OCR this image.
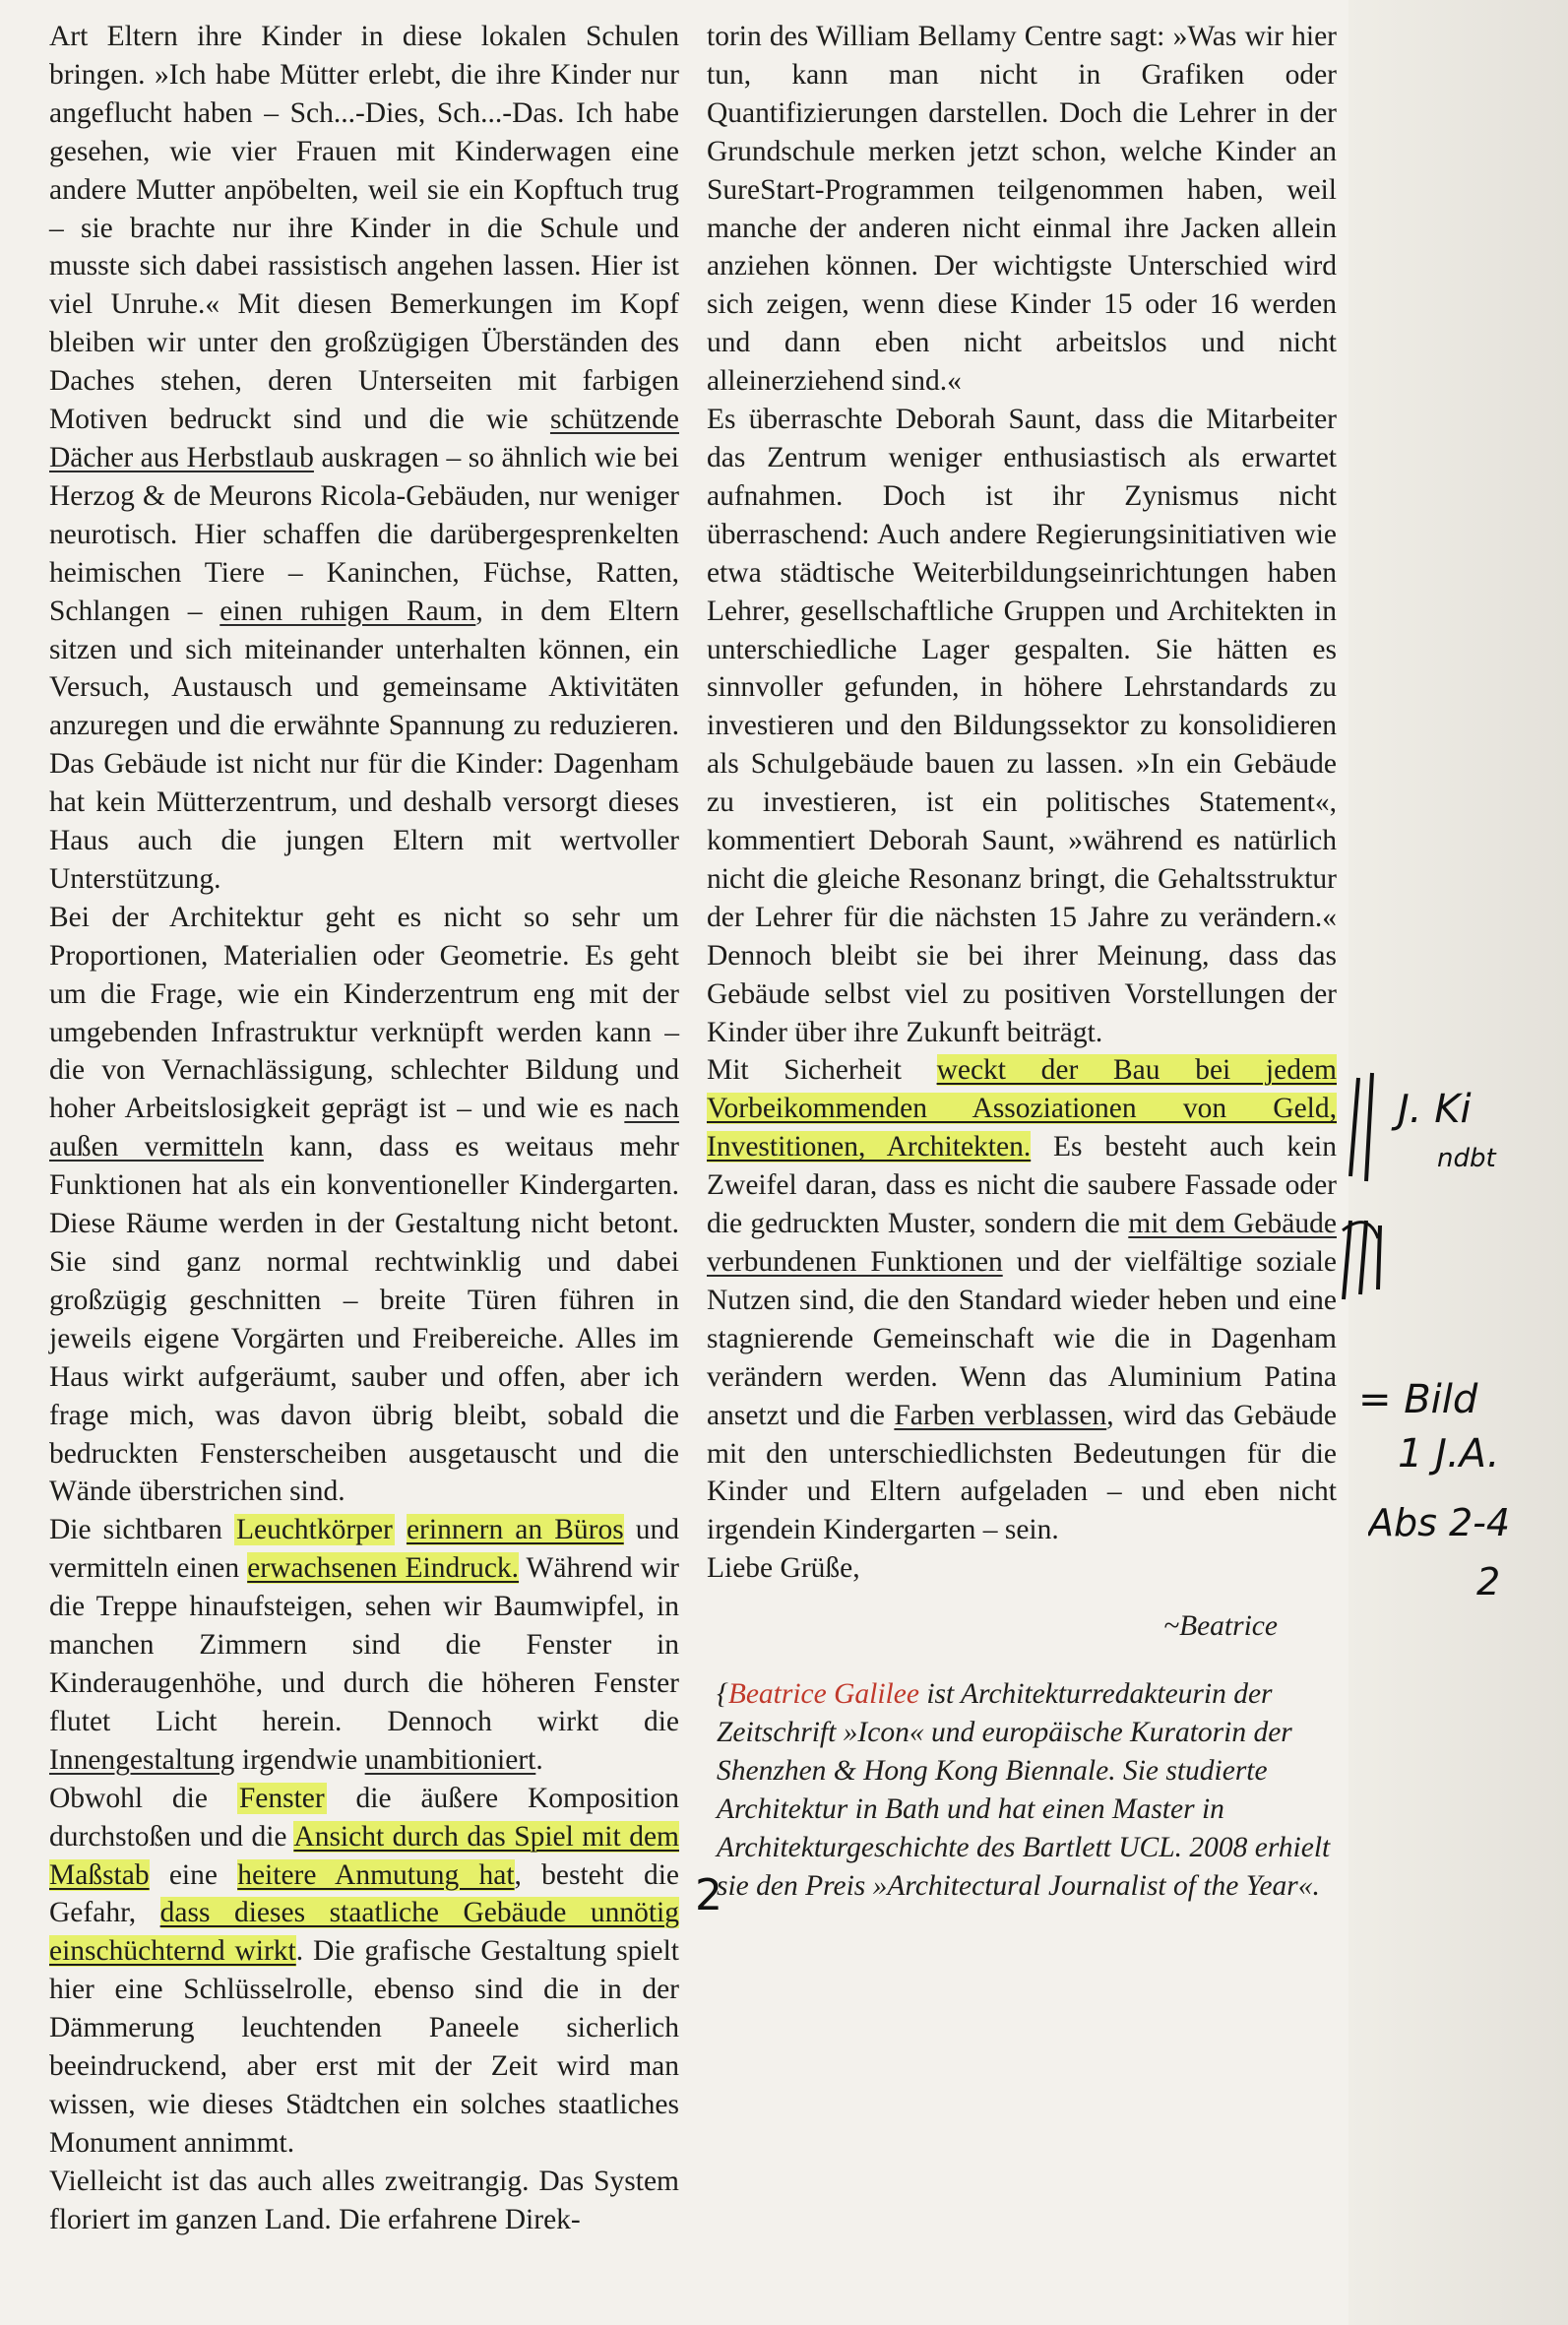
Art Eltern ihre Kinder in diese lokalen Schulen bringen. »Ich habe Mütter erlebt, die ihre Kinder nur angeflucht haben – Sch...-Dies, Sch...-Das. Ich habe gesehen, wie vier Frauen mit Kinderwagen eine andere Mutter anpöbelten, weil sie ein Kopftuch trug – sie brachte nur ihre Kinder in die Schule und musste sich dabei rassistisch angehen lassen. Hier ist viel Unruhe.« Mit diesen Bemerkungen im Kopf bleiben wir unter den großzügigen Überständen des Daches stehen, deren Unterseiten mit farbigen Motiven bedruckt sind und die wie schützende Dächer aus Herbstlaub auskragen – so ähnlich wie bei Herzog & de Meurons Ricola-Gebäuden, nur weniger neurotisch. Hier schaffen die darübergesprenkelten heimischen Tiere – Kaninchen, Füchse, Ratten, Schlangen – einen ruhigen Raum, in dem Eltern sitzen und sich miteinander unterhalten können, ein Versuch, Austausch und gemeinsame Aktivitäten anzuregen und die erwähnte Spannung zu reduzieren. Das Gebäude ist nicht nur für die Kinder: Dagenham hat kein Mütterzentrum, und deshalb versorgt dieses Haus auch die jungen Eltern mit wertvoller Unterstützung.

Bei der Architektur geht es nicht so sehr um Proportionen, Materialien oder Geometrie. Es geht um die Frage, wie ein Kinderzentrum eng mit der umgebenden Infrastruktur verknüpft werden kann – die von Vernachlässigung, schlechter Bildung und hoher Arbeitslosigkeit geprägt ist – und wie es nach außen vermitteln kann, dass es weitaus mehr Funktionen hat als ein konventioneller Kindergarten. Diese Räume werden in der Gestaltung nicht betont. Sie sind ganz normal rechtwinklig und dabei großzügig geschnitten – breite Türen führen in jeweils eigene Vorgärten und Freibereiche. Alles im Haus wirkt aufgeräumt, sauber und offen, aber ich frage mich, was davon übrig bleibt, sobald die bedruckten Fensterscheiben ausgetauscht und die Wände überstrichen sind.

Die sichtbaren Leuchtkörper erinnern an Büros und vermitteln einen erwachsenen Eindruck. Während wir die Treppe hinaufsteigen, sehen wir Baumwipfel, in manchen Zimmern sind die Fenster in Kinderaugenhöhe, und durch die höheren Fenster flutet Licht herein. Dennoch wirkt die Innengestaltung irgendwie unambitioniert.

Obwohl die Fenster die äußere Komposition durchstoßen und die Ansicht durch das Spiel mit dem Maßstab eine heitere Anmutung hat, besteht die Gefahr, dass dieses staatliche Gebäude unnötig einschüchternd wirkt. Die grafische Gestaltung spielt hier eine Schlüsselrolle, ebenso sind die in der Dämmerung leuchtenden Paneele sicherlich beeindruckend, aber erst mit der Zeit wird man wissen, wie dieses Städtchen ein solches staatliches Monument annimmt.

Vielleicht ist das auch alles zweitrangig. Das System floriert im ganzen Land. Die erfahrene Direk-

torin des William Bellamy Centre sagt: »Was wir hier tun, kann man nicht in Grafiken oder Quantifizierungen darstellen. Doch die Lehrer in der Grundschule merken jetzt schon, welche Kinder an SureStart-Programmen teilgenommen haben, weil manche der anderen nicht einmal ihre Jacken allein anziehen können. Der wichtigste Unterschied wird sich zeigen, wenn diese Kinder 15 oder 16 werden und dann eben nicht arbeitslos und nicht alleinerziehend sind.«

Es überraschte Deborah Saunt, dass die Mitarbeiter das Zentrum weniger enthusiastisch als erwartet aufnahmen. Doch ist ihr Zynismus nicht überraschend: Auch andere Regierungsinitiativen wie etwa städtische Weiterbildungseinrichtungen haben Lehrer, gesellschaftliche Gruppen und Architekten in unterschiedliche Lager gespalten. Sie hätten es sinnvoller gefunden, in höhere Lehrstandards zu investieren und den Bildungssektor zu konsolidieren als Schulgebäude bauen zu lassen. »In ein Gebäude zu investieren, ist ein politisches Statement«, kommentiert Deborah Saunt, »während es natürlich nicht die gleiche Resonanz bringt, die Gehaltsstruktur der Lehrer für die nächsten 15 Jahre zu verändern.« Dennoch bleibt sie bei ihrer Meinung, dass das Gebäude selbst viel zu positiven Vorstellungen der Kinder über ihre Zukunft beiträgt.

Mit Sicherheit weckt der Bau bei jedem Vorbeikommenden Assoziationen von Geld, Investitionen, Architekten. Es besteht auch kein Zweifel daran, dass es nicht die saubere Fassade oder die gedruckten Muster, sondern die mit dem Gebäude verbundenen Funktionen und der vielfältige soziale Nutzen sind, die den Standard wieder heben und eine stagnierende Gemeinschaft wie die in Dagenham verändern werden. Wenn das Aluminium Patina ansetzt und die Farben verblassen, wird das Gebäude mit den unterschiedlichsten Bedeutungen für die Kinder und Eltern aufgeladen – und eben nicht irgendein Kindergarten – sein.

Liebe Grüße,

~Beatrice

{Beatrice Galilee ist Architekturredakteurin der Zeitschrift »Icon« und europäische Kuratorin der Shenzhen & Hong Kong Biennale. Sie studierte Architektur in Bath und hat einen Master in Architekturgeschichte des Bartlett UCL. 2008 erhielt sie den Preis »Architectural Journalist of the Year«.

J. Ki
ndbt
= Bild
1 J.A.
Abs 2-4
2
2
